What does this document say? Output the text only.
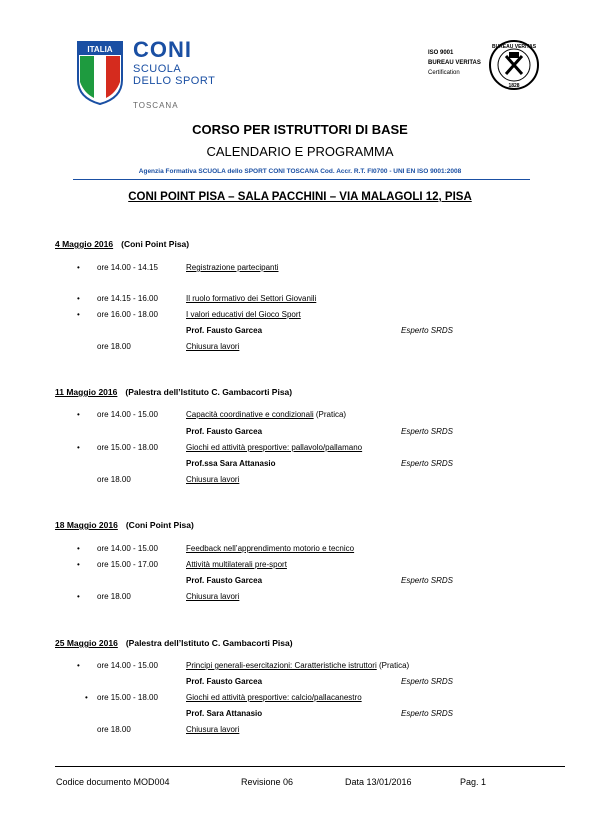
ITALIA CONI
SCUOLA
DELLO SPORT
TOSCANA
ISO 9001
BUREAU VERITAS
Certification
BUREAU VERITAS
1828
CORSO PER ISTRUTTORI DI BASE
CALENDARIO E PROGRAMMA
Agenzia Formativa SCUOLA dello SPORT CONI TOSCANA Cod. Accr. R.T. FI0700 - UNI EN ISO 9001:2008
CONI POINT PISA – SALA PACCHINI – VIA MALAGOLI 12, PISA
4 Maggio 2016 (Coni Point Pisa)
• ore 14.00 - 14.15	Registrazione partecipanti
• ore 14.15 - 16.00	Il ruolo formativo dei Settori Giovanili
• ore 16.00 - 18.00	I valori educativi del Gioco Sport
Prof. Fausto Garcea	Esperto SRDS
ore 18.00	Chiusura lavori
11 Maggio 2016 (Palestra dell’Istituto C. Gambacorti Pisa)
• ore 14.00 - 15.00	Capacità coordinative e condizionali (Pratica)
Prof. Fausto Garcea	Esperto SRDS
• ore 15.00 - 18.00	Giochi ed attività presportive: pallavolo/pallamano
Prof.ssa Sara Attanasio	Esperto SRDS
ore 18.00	Chiusura lavori
18 Maggio 2016 (Coni Point Pisa)
• ore 14.00 - 15.00	Feedback nell’apprendimento motorio e tecnico
• ore 15.00 - 17.00	Attività multilaterali pre-sport
Prof. Fausto Garcea	Esperto SRDS
• ore 18.00	Chiusura lavori
25 Maggio 2016 (Palestra dell’Istituto C. Gambacorti Pisa)
• ore 14.00 - 15.00	Principi generali-esercitazioni: Caratteristiche istruttori (Pratica)
Prof. Fausto Garcea	Esperto SRDS
• ore 15.00 - 18.00	Giochi ed attività presportive: calcio/pallacanestro
Prof. Sara Attanasio	Esperto SRDS
ore 18.00	Chiusura lavori
Codice documento MOD004	Revisione 06	Data 13/01/2016	Pag. 1
